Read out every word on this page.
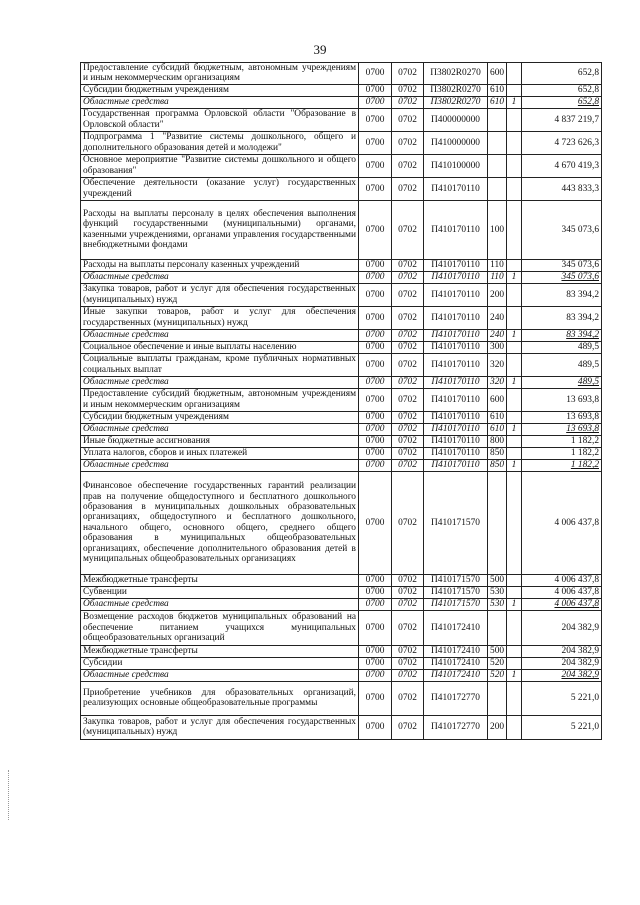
39
Предоставление субсидий бюджетным, автономным учреждениям и иным некоммерческим организациям	0700	0702	П3802R0270	600		652,8
Субсидии бюджетным учреждениям	0700	0702	П3802R0270	610		652,8
Областные средства	0700	0702	П3802R0270	610	1	652,8
Государственная программа Орловской области "Образование в Орловской области"	0700	0702	П400000000			4 837 219,7
Подпрограмма 1 "Развитие системы дошкольного, общего и дополнительного образования детей и молодежи"	0700	0702	П410000000			4 723 626,3
Основное мероприятие "Развитие системы дошкольного и общего образования"	0700	0702	П410100000			4 670 419,3
Обеспечение деятельности (оказание услуг) государственных учреждений	0700	0702	П410170110			443 833,3
Расходы на выплаты персоналу в целях обеспечения выполнения функций государственными (муниципальными) органами, казенными учреждениями, органами управления государственными внебюджетными фондами	0700	0702	П410170110	100		345 073,6
Расходы на выплаты персоналу казенных учреждений	0700	0702	П410170110	110		345 073,6
Областные средства	0700	0702	П410170110	110	1	345 073,6
Закупка товаров, работ и услуг для обеспечения государственных (муниципальных) нужд	0700	0702	П410170110	200		83 394,2
Иные закупки товаров, работ и услуг для обеспечения государственных (муниципальных) нужд	0700	0702	П410170110	240		83 394,2
Областные средства	0700	0702	П410170110	240	1	83 394,2
Социальное обеспечение и иные выплаты населению	0700	0702	П410170110	300		489,5
Социальные выплаты гражданам, кроме публичных нормативных социальных выплат	0700	0702	П410170110	320		489,5
Областные средства	0700	0702	П410170110	320	1	489,5
Предоставление субсидий бюджетным, автономным учреждениям и иным некоммерческим организациям	0700	0702	П410170110	600		13 693,8
Субсидии бюджетным учреждениям	0700	0702	П410170110	610		13 693,8
Областные средства	0700	0702	П410170110	610	1	13 693,8
Иные бюджетные ассигнования	0700	0702	П410170110	800		1 182,2
Уплата налогов, сборов и иных платежей	0700	0702	П410170110	850		1 182,2
Областные средства	0700	0702	П410170110	850	1	1 182,2
Финансовое обеспечение государственных гарантий реализации прав на получение общедоступного и бесплатного дошкольного образования в муниципальных дошкольных образовательных организациях, общедоступного и бесплатного дошкольного, начального общего, основного общего, среднего общего образования в муниципальных общеобразовательных организациях, обеспечение дополнительного образования детей в муниципальных общеобразовательных организациях	0700	0702	П410171570			4 006 437,8
Межбюджетные трансферты	0700	0702	П410171570	500		4 006 437,8
Субвенции	0700	0702	П410171570	530		4 006 437,8
Областные средства	0700	0702	П410171570	530	1	4 006 437,8
Возмещение расходов бюджетов муниципальных образований на обеспечение питанием учащихся муниципальных общеобразовательных организаций	0700	0702	П410172410			204 382,9
Межбюджетные трансферты	0700	0702	П410172410	500		204 382,9
Субсидии	0700	0702	П410172410	520		204 382,9
Областные средства	0700	0702	П410172410	520	1	204 382,9
Приобретение учебников для образовательных организаций, реализующих основные общеобразовательные программы	0700	0702	П410172770			5 221,0
Закупка товаров, работ и услуг для обеспечения государственных (муниципальных) нужд	0700	0702	П410172770	200		5 221,0
